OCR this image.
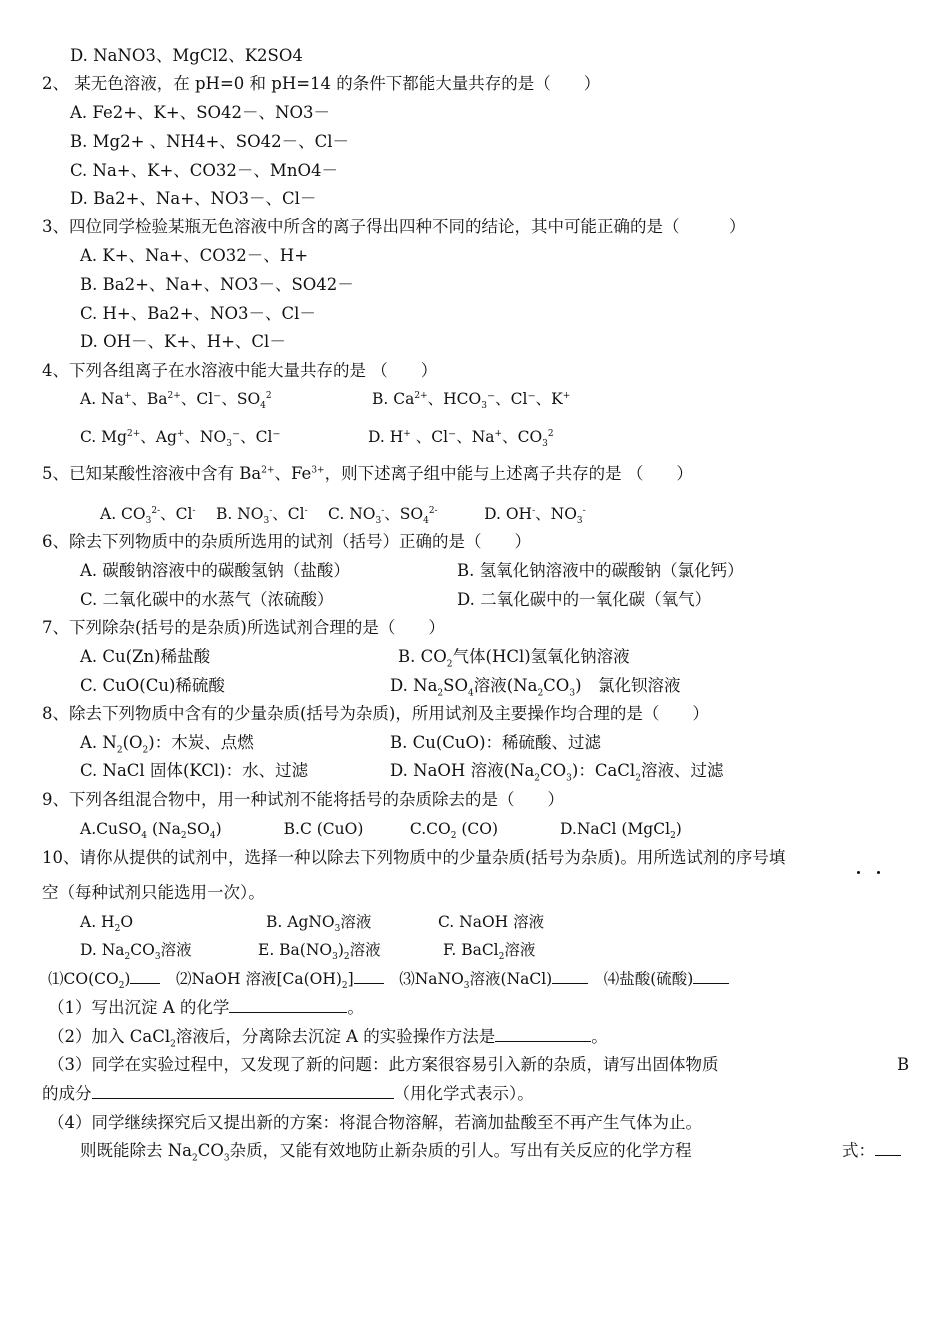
D. NaNO3、MgCl2、K2SO4
2、 某无色溶液，在 pH=0 和 pH=14 的条件下都能大量共存的是（　　）
A. Fe2+、K+、SO42－、NO3－
B. Mg2+ 、NH4+、SO42－、Cl－
C. Na+、K+、CO32－、MnO4－
D. Ba2+、Na+、NO3－、Cl－
3、四位同学检验某瓶无色溶液中所含的离子得出四种不同的结论，其中可能正确的是（　　　）
A. K+、Na+、CO32－、H+
B. Ba2+、Na+、NO3－、SO42－
C. H+、Ba2+、NO3－、Cl－
D. OH－、K+、H+、Cl－
4、下列各组离子在水溶液中能大量共存的是 （　　）
A. Na+、$Ba^{2+}$、Cl⁻、$SO_4^2$	B. $Ca^{2+}$、$HCO_3^-$、Cl⁻、K+
C. $Mg^{2+}$、Ag+、$NO_3^-$、Cl⁻	D. H+ 、Cl⁻、Na+、$CO_3^2$
5、已知某酸性溶液中含有 $Ba^{2+}$、$Fe^{3+}$，则下述离子组中能与上述离子共存的是 （　　）
A. $CO_3^{2-}$、Cl-　 B. $NO_3^-$、Cl-　 C. $NO_3^-$、$SO_4^{2-}$　　　D. OH-、$NO_3^-$
6、除去下列物质中的杂质所选用的试剂（括号）正确的是（　　）
A. 碳酸钠溶液中的碳酸氢钠（盐酸）	B. 氢氧化钠溶液中的碳酸钠（氯化钙）
C. 二氧化碳中的水蒸气（浓硫酸）	D. 二氧化碳中的一氧化碳（氧气）
7、下列除杂(括号的是杂质)所选试剂合理的是（　　）
A. Cu(Zn)稀盐酸	B. $CO_2$气体(HCl)氢氧化钠溶液
C. CuO(Cu)稀硫酸	D. $Na_2SO_4$溶液$(Na_2CO_3)$　氯化钡溶液
8、除去下列物质中含有的少量杂质(括号为杂质)，所用试剂及主要操作均合理的是（　　）
A. $N_2(O_2)$：木炭、点燃	B. Cu(CuO)：稀硫酸、过滤
C. NaCl 固体(KCl)：水、过滤	D. NaOH 溶液$(Na_2CO_3)$：CaCl$_2$溶液、过滤
9、下列各组混合物中，用一种试剂不能将括号的杂质除去的是（　　）
A.CuSO$_4$ $(Na_2SO_4)$　　　　B.C (CuO)　　　$C.CO_2$ (CO)　　　　D.NaCl (MgCl$_2$)
10、请你从提供的试剂中，选择一种以除去下列物质中的少量杂质(括号为杂质)。用所选试剂的序号填
空（每种试剂只能选用一次）。
A. $H_2O$	B. AgNO$_3$溶液	C. NaOH 溶液
D. $Na_2CO_3$溶液	E. $Ba(NO_3)_2$溶液	F. BaCl$_2$溶液
$⑴CO(CO_2)$　⑵NaOH 溶液$[Ca(OH)_2]$　⑶NaNO$_3$溶液(NaCl)　⑷盐酸(硫酸)
（1）写出沉淀 A 的化学	。
（2）加入 CaCl$_2$溶液后，分离除去沉淀 A 的实验操作方法是	。
（3）同学在实验过程中，又发现了新的问题：此方案很容易引入新的杂质，请写出固体物质	B
的成分	（用化学式表示）。
（4）同学继续探究后又提出新的方案：将混合物溶解，若滴加盐酸至不再产生气体为止。
则既能除去 $Na_2CO_3$杂质，又能有效地防止新杂质的引人。写出有关反应的化学方程	式：
